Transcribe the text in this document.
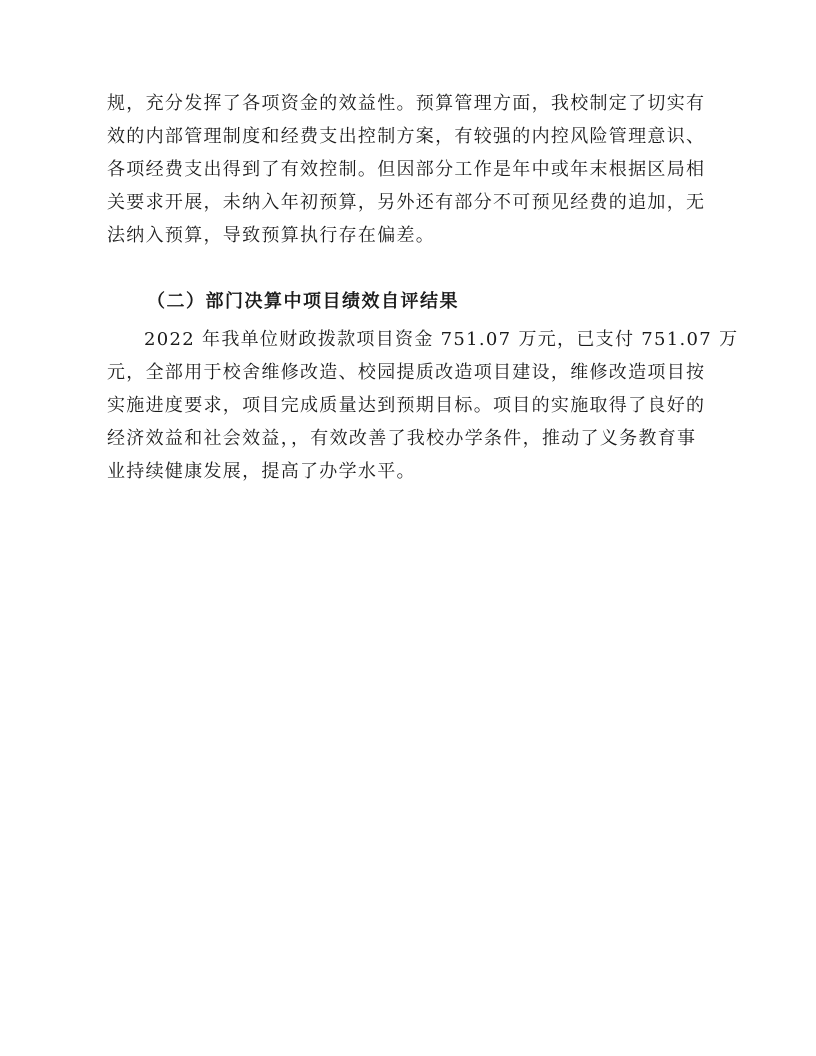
规，充分发挥了各项资金的效益性。预算管理方面，我校制定了切实有
效的内部管理制度和经费支出控制方案，有较强的内控风险管理意识、
各项经费支出得到了有效控制。但因部分工作是年中或年末根据区局相
关要求开展，未纳入年初预算，另外还有部分不可预见经费的追加，无
法纳入预算，导致预算执行存在偏差。
（二）部门决算中项目绩效自评结果
2022 年我单位财政拨款项目资金 751.07 万元，已支付 751.07 万
元，全部用于校舍维修改造、校园提质改造项目建设，维修改造项目按
实施进度要求，项目完成质量达到预期目标。项目的实施取得了良好的
经济效益和社会效益，，有效改善了我校办学条件，推动了义务教育事
业持续健康发展，提高了办学水平。
